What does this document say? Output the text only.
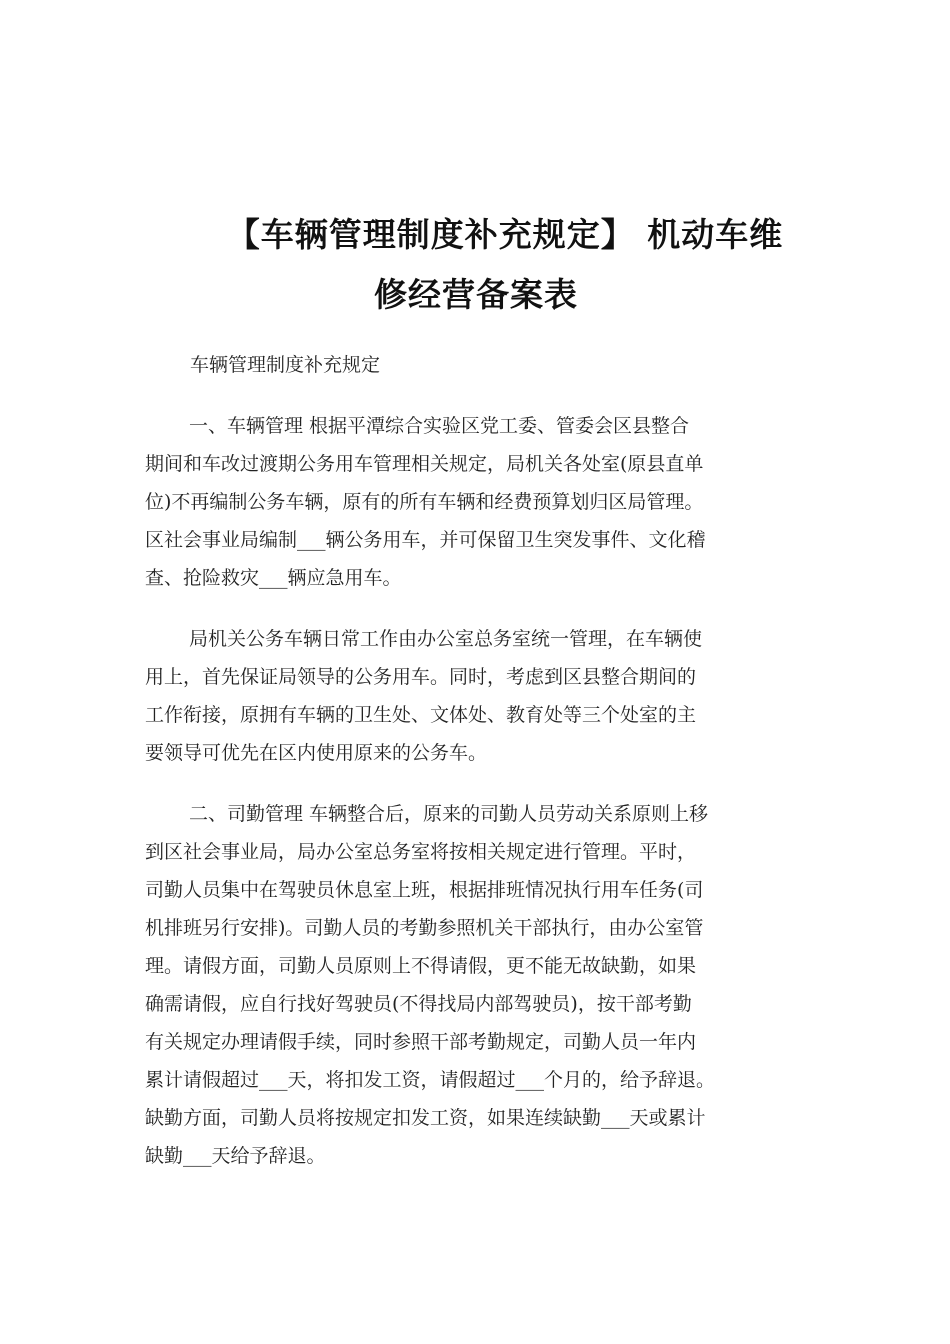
【车辆管理制度补充规定】 机动车维
修经营备案表
车辆管理制度补充规定
一、车辆管理 根据平潭综合实验区党工委、管委会区县整合
期间和车改过渡期公务用车管理相关规定，局机关各处室(原县直单
位)不再编制公务车辆，原有的所有车辆和经费预算划归区局管理。
区社会事业局编制___辆公务用车，并可保留卫生突发事件、文化稽
查、抢险救灾___辆应急用车。
局机关公务车辆日常工作由办公室总务室统一管理，在车辆使
用上，首先保证局领导的公务用车。同时，考虑到区县整合期间的
工作衔接，原拥有车辆的卫生处、文体处、教育处等三个处室的主
要领导可优先在区内使用原来的公务车。
二、司勤管理 车辆整合后，原来的司勤人员劳动关系原则上移
到区社会事业局，局办公室总务室将按相关规定进行管理。平时，
司勤人员集中在驾驶员休息室上班，根据排班情况执行用车任务(司
机排班另行安排)。司勤人员的考勤参照机关干部执行，由办公室管
理。请假方面，司勤人员原则上不得请假，更不能无故缺勤，如果
确需请假，应自行找好驾驶员(不得找局内部驾驶员)，按干部考勤
有关规定办理请假手续，同时参照干部考勤规定，司勤人员一年内
累计请假超过___天，将扣发工资，请假超过___个月的，给予辞退。
缺勤方面，司勤人员将按规定扣发工资，如果连续缺勤___天或累计
缺勤___天给予辞退。
